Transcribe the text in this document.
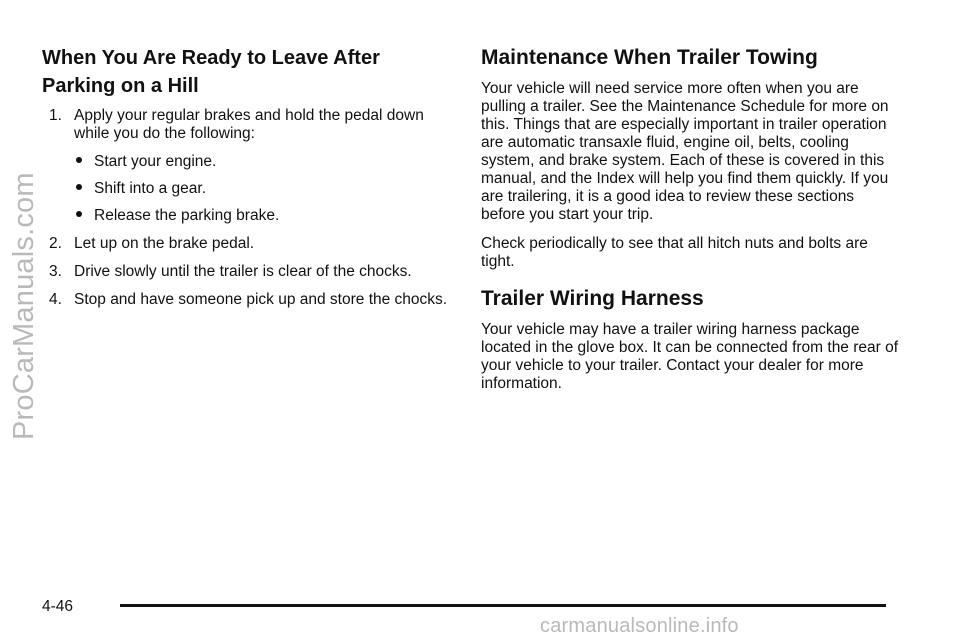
ProCarManuals.com
When You Are Ready to Leave After Parking on a Hill
1. Apply your regular brakes and hold the pedal down while you do the following:
Start your engine.
Shift into a gear.
Release the parking brake.
2. Let up on the brake pedal.
3. Drive slowly until the trailer is clear of the chocks.
4. Stop and have someone pick up and store the chocks.
Maintenance When Trailer Towing

Your vehicle will need service more often when you are pulling a trailer. See the Maintenance Schedule for more on this. Things that are especially important in trailer operation are automatic transaxle fluid, engine oil, belts, cooling system, and brake system. Each of these is covered in this manual, and the Index will help you find them quickly. If you are trailering, it is a good idea to review these sections before you start your trip.

Check periodically to see that all hitch nuts and bolts are tight.

Trailer Wiring Harness

Your vehicle may have a trailer wiring harness package located in the glove box. It can be connected from the rear of your vehicle to your trailer. Contact your dealer for more information.

4-46
carmanualsonline.info
